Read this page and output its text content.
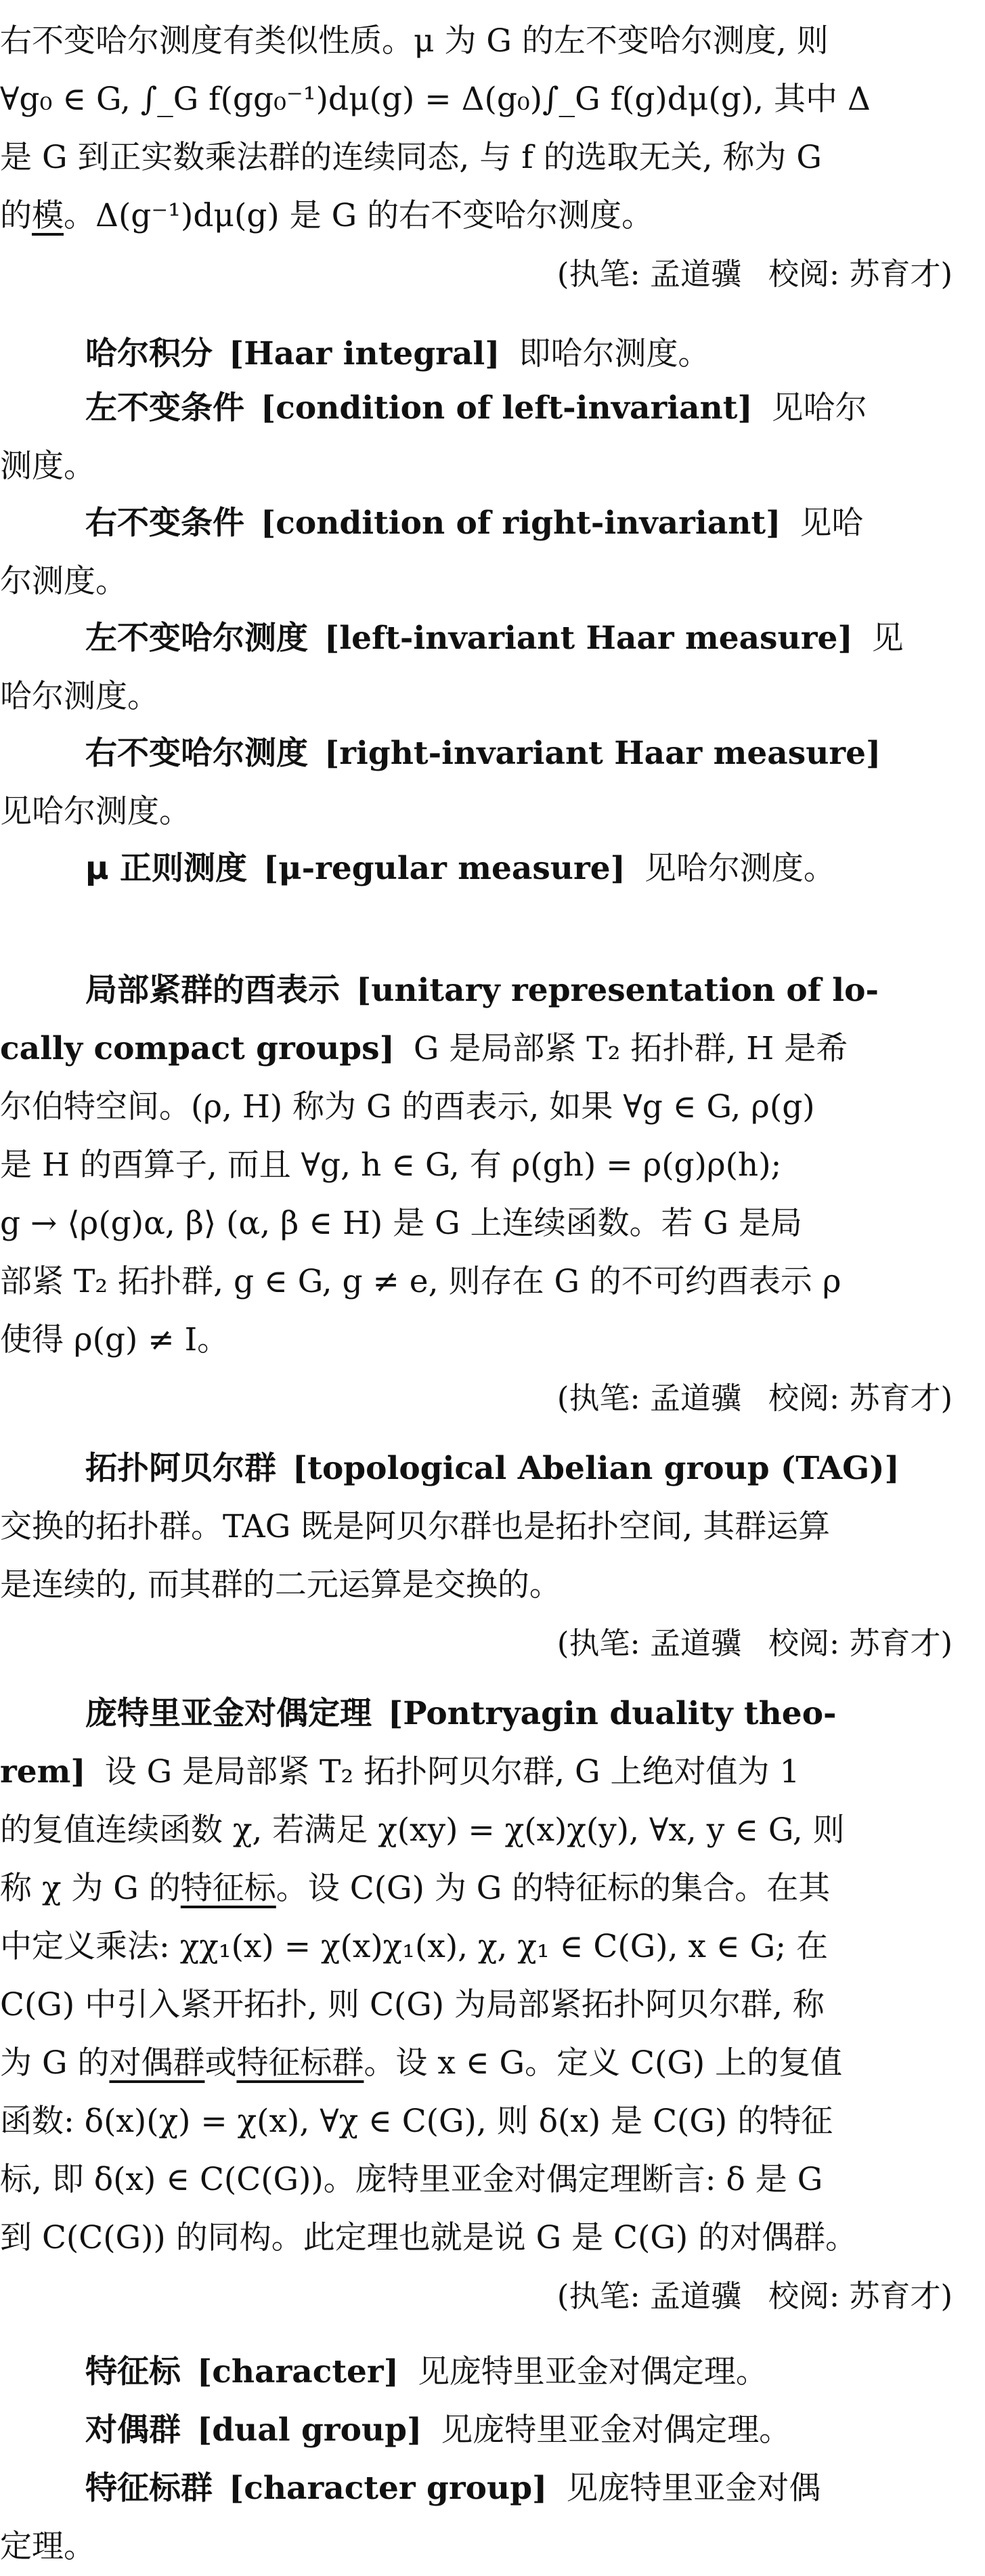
右不变哈尔测度有类似性质。μ 为 G 的左不变哈尔测度, 则
∀g₀ ∈ G, ∫_G f(gg₀⁻¹)dμ(g) = Δ(g₀)∫_G f(g)dμ(g), 其中 Δ
是 G 到正实数乘法群的连续同态, 与 f 的选取无关, 称为 G
的模。Δ(g⁻¹)dμ(g) 是 G 的右不变哈尔测度。
(执笔: 孟道骥 校阅: 苏育才)
哈尔积分 [Haar integral] 即哈尔测度。
左不变条件 [condition of left-invariant] 见哈尔
测度。
右不变条件 [condition of right-invariant] 见哈
尔测度。
左不变哈尔测度 [left-invariant Haar measure] 见
哈尔测度。
右不变哈尔测度 [right-invariant Haar measure]
见哈尔测度。
μ 正则测度 [μ-regular measure] 见哈尔测度。
局部紧群的酉表示 [unitary representation of lo-
cally compact groups] G 是局部紧 T₂ 拓扑群, H 是希
尔伯特空间。(ρ, H) 称为 G 的酉表示, 如果 ∀g ∈ G, ρ(g)
是 H 的酉算子, 而且 ∀g, h ∈ G, 有 ρ(gh) = ρ(g)ρ(h);
g → ⟨ρ(g)α, β⟩ (α, β ∈ H) 是 G 上连续函数。若 G 是局
部紧 T₂ 拓扑群, g ∈ G, g ≠ e, 则存在 G 的不可约酉表示 ρ
使得 ρ(g) ≠ I。
(执笔: 孟道骥 校阅: 苏育才)
拓扑阿贝尔群 [topological Abelian group (TAG)]
交换的拓扑群。TAG 既是阿贝尔群也是拓扑空间, 其群运算
是连续的, 而其群的二元运算是交换的。
(执笔: 孟道骥 校阅: 苏育才)
庞特里亚金对偶定理 [Pontryagin duality theo-
rem] 设 G 是局部紧 T₂ 拓扑阿贝尔群, G 上绝对值为 1
的复值连续函数 χ, 若满足 χ(xy) = χ(x)χ(y), ∀x, y ∈ G, 则
称 χ 为 G 的特征标。设 C(G) 为 G 的特征标的集合。在其
中定义乘法: χχ₁(x) = χ(x)χ₁(x), χ, χ₁ ∈ C(G), x ∈ G; 在
C(G) 中引入紧开拓扑, 则 C(G) 为局部紧拓扑阿贝尔群, 称
为 G 的对偶群或特征标群。设 x ∈ G。定义 C(G) 上的复值
函数: δ(x)(χ) = χ(x), ∀χ ∈ C(G), 则 δ(x) 是 C(G) 的特征
标, 即 δ(x) ∈ C(C(G))。庞特里亚金对偶定理断言: δ 是 G
到 C(C(G)) 的同构。此定理也就是说 G 是 C(G) 的对偶群。
(执笔: 孟道骥 校阅: 苏育才)
特征标 [character] 见庞特里亚金对偶定理。
对偶群 [dual group] 见庞特里亚金对偶定理。
特征标群 [character group] 见庞特里亚金对偶
定理。
